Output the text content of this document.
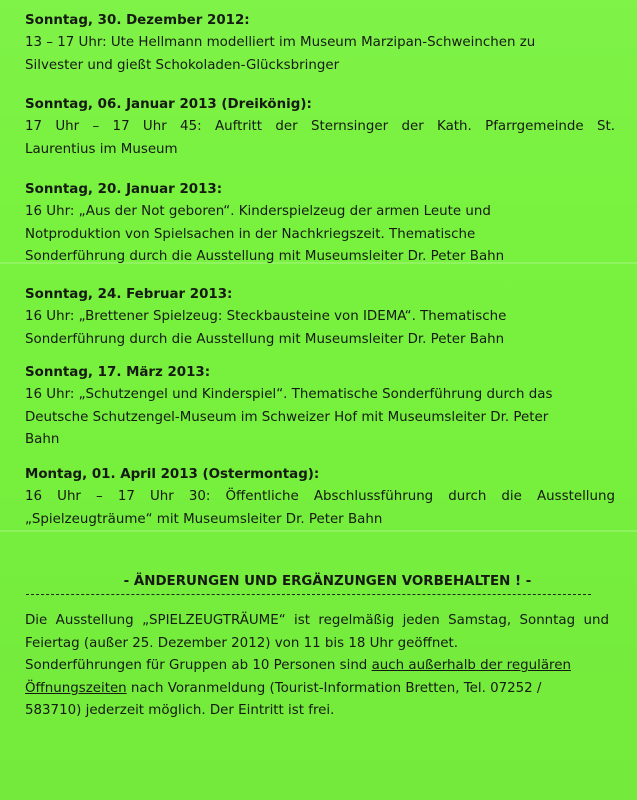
Sonntag, 30. Dezember 2012:
13 – 17 Uhr: Ute Hellmann modelliert im Museum Marzipan-Schweinchen zu
Silvester und gießt Schokoladen-Glücksbringer
Sonntag, 06. Januar 2013 (Dreikönig):
17 Uhr – 17 Uhr 45: Auftritt der Sternsinger der Kath. Pfarrgemeinde St.
Laurentius im Museum
Sonntag, 20. Januar 2013:
16 Uhr: „Aus der Not geboren“. Kinderspielzeug der armen Leute und
Notproduktion von Spielsachen in der Nachkriegszeit. Thematische
Sonderführung durch die Ausstellung mit Museumsleiter Dr. Peter Bahn
Sonntag, 24. Februar 2013:
16 Uhr: „Brettener Spielzeug: Steckbausteine von IDEMA“. Thematische
Sonderführung durch die Ausstellung mit Museumsleiter Dr. Peter Bahn
Sonntag, 17. März 2013:
16 Uhr: „Schutzengel und Kinderspiel“. Thematische Sonderführung durch das
Deutsche Schutzengel-Museum im Schweizer Hof mit Museumsleiter Dr. Peter
Bahn
Montag, 01. April 2013 (Ostermontag):
16 Uhr – 17 Uhr 30: Öffentliche Abschlussführung durch die Ausstellung
„Spielzeugträume“ mit Museumsleiter Dr. Peter Bahn
- ÄNDERUNGEN UND ERGÄNZUNGEN VORBEHALTEN ! -
Die Ausstellung „SPIELZEUGTRÄUME“ ist regelmäßig jeden Samstag, Sonntag und
Feiertag (außer 25. Dezember 2012) von 11 bis 18 Uhr geöffnet.
Sonderführungen für Gruppen ab 10 Personen sind auch außerhalb der regulären
Öffnungszeiten nach Voranmeldung (Tourist-Information Bretten, Tel. 07252 /
583710) jederzeit möglich. Der Eintritt ist frei.
